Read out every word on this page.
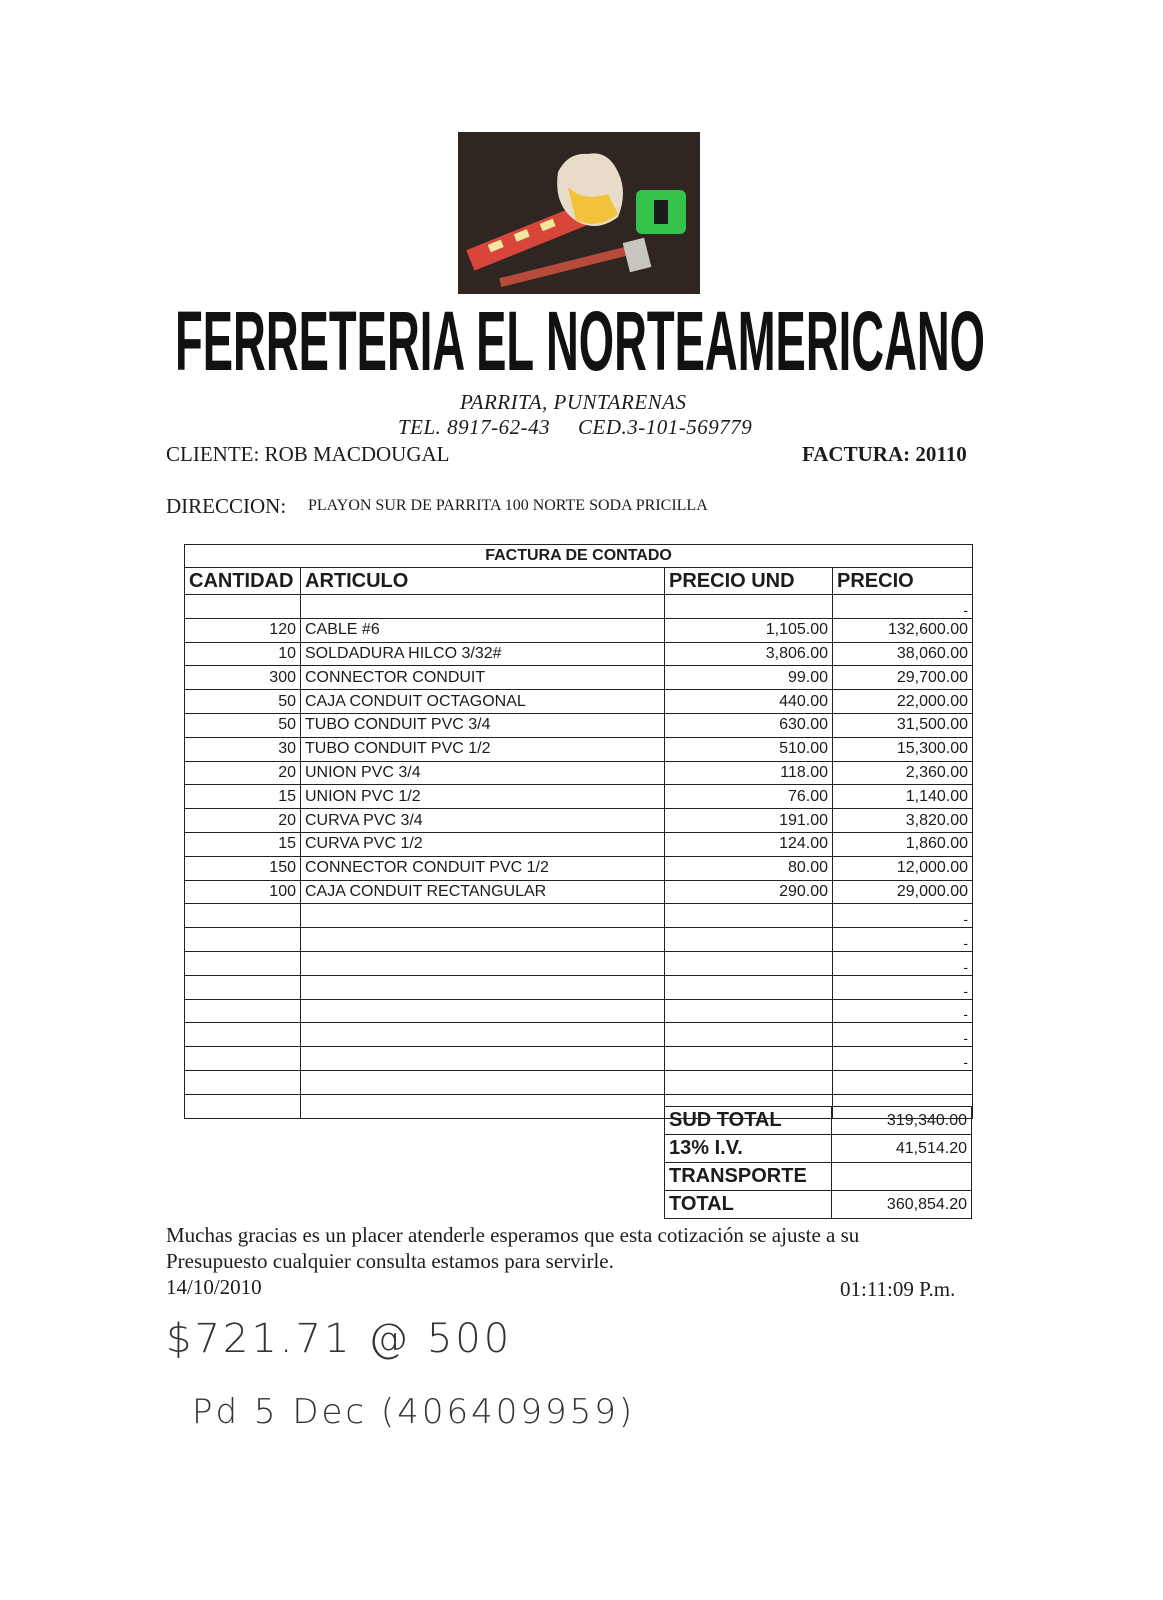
FERRETERIA EL NORTEAMERICANO
PARRITA, PUNTARENAS
TEL. 8917-62-43 CED.3-101-569779
CLIENTE: ROB MACDOUGAL	FACTURA: 20110
DIRECCION: PLAYON SUR DE PARRITA 100 NORTE SODA PRICILLA
FACTURA DE CONTADO			
CANTIDAD	ARTICULO	PRECIO UND	PRECIO
			-
120	CABLE #6	1,105.00	132,600.00
10	SOLDADURA HILCO 3/32#	3,806.00	38,060.00
300	CONNECTOR CONDUIT	99.00	29,700.00
50	CAJA CONDUIT OCTAGONAL	440.00	22,000.00
50	TUBO CONDUIT PVC 3/4	630.00	31,500.00
30	TUBO CONDUIT PVC 1/2	510.00	15,300.00
20	UNION PVC 3/4	118.00	2,360.00
15	UNION PVC 1/2	76.00	1,140.00
20	CURVA PVC 3/4	191.00	3,820.00
15	CURVA PVC 1/2	124.00	1,860.00
150	CONNECTOR CONDUIT PVC 1/2	80.00	12,000.00
100	CAJA CONDUIT RECTANGULAR	290.00	29,000.00
			-
			-
			-
			-
			-
			-
			-

SUD TOTAL	319,340.00
13% I.V.	41,514.20
TRANSPORTE	
TOTAL	360,854.20
Muchas gracias es un placer atenderle esperamos que esta cotización se ajuste a su
Presupuesto cualquier consulta estamos para servirle.
14/10/2010	01:11:09 P.m.
$721.71 @ 500
Pd 5 Dec (406409959)
